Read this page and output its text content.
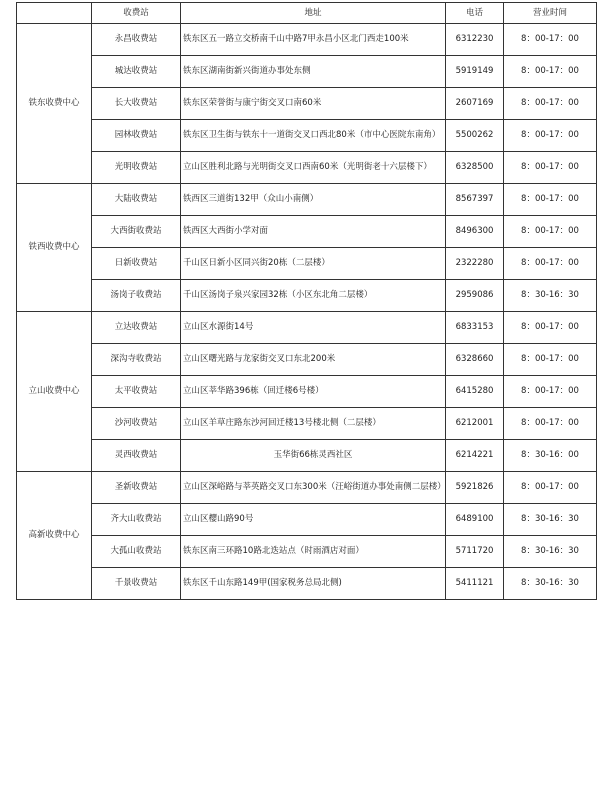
	收费站	地址	电话	营业时间
铁东收费中心	永昌收费站	铁东区五一路立交桥南千山中路7甲永昌小区北门西走100米	6312230	8：00-17：00
	城达收费站	铁东区湖南街新兴街道办事处东侧	5919149	8：00-17：00
	长大收费站	铁东区荣誉街与康宁街交叉口南60米	2607169	8：00-17：00
	园林收费站	铁东区卫生街与铁东十一道街交叉口西北80米（市中心医院东南角）	5500262	8：00-17：00
	光明收费站	立山区胜利北路与光明街交叉口西南60米（光明街老十六层楼下）	6328500	8：00-17：00
铁西收费中心	大陆收费站	铁西区三道街132甲（众山小南侧）	8567397	8：00-17：00
	大西街收费站	铁西区大西街小学对面	8496300	8：00-17：00
	日新收费站	千山区日新小区同兴街20栋（二层楼）	2322280	8：00-17：00
	汤岗子收费站	千山区汤岗子泉兴家园32栋（小区东北角二层楼）	2959086	8：30-16：30
立山收费中心	立达收费站	立山区水源街14号	6833153	8：00-17：00
	深沟寺收费站	立山区曙光路与龙家街交叉口东北200米	6328660	8：00-17：00
	太平收费站	立山区莘华路396栋（回迁楼6号楼）	6415280	8：00-17：00
	沙河收费站	立山区羊草庄路东沙河回迁楼13号楼北侧（二层楼）	6212001	8：00-17：00
	灵西收费站	玉华街66栋灵西社区	6214221	8：30-16：00
高新收费中心	圣新收费站	立山区深峪路与莘英路交叉口东300米（汪峪街道办事处南侧二层楼）	5921826	8：00-17：00
	齐大山收费站	立山区樱山路90号	6489100	8：30-16：30
	大孤山收费站	铁东区南三环路10路北迭站点（时雨酒店对面）	5711720	8：30-16：30
	千景收费站	铁东区千山东路149甲(国家税务总局北侧)	5411121	8：30-16：30
